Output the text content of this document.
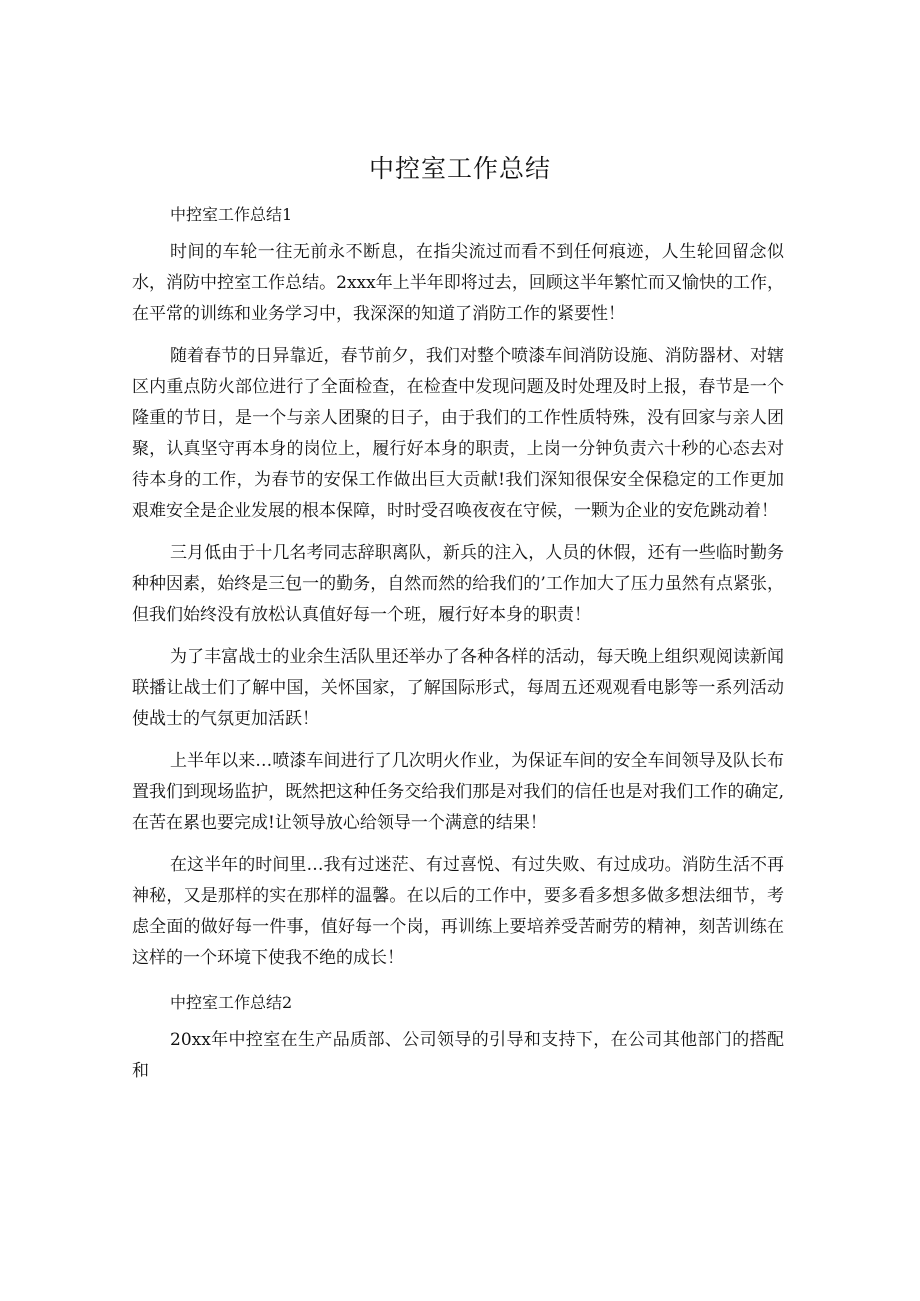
中控室工作总结

中控室工作总结1

时间的车轮一往无前永不断息，在指尖流过而看不到任何痕迹，人生轮回留念似水，消防中控室工作总结。2xxx年上半年即将过去，回顾这半年繁忙而又愉快的工作，在平常的训练和业务学习中，我深深的知道了消防工作的紧要性！

随着春节的日异靠近，春节前夕，我们对整个喷漆车间消防设施、消防器材、对辖区内重点防火部位进行了全面检查，在检查中发现问题及时处理及时上报，春节是一个隆重的节日，是一个与亲人团聚的日子，由于我们的工作性质特殊，没有回家与亲人团聚，认真坚守再本身的岗位上，履行好本身的职责，上岗一分钟负责六十秒的心态去对待本身的工作，为春节的安保工作做出巨大贡献!我们深知很保安全保稳定的工作更加艰难安全是企业发展的根本保障，时时受召唤夜夜在守候，一颗为企业的安危跳动着！

三月低由于十几名考同志辞职离队，新兵的注入，人员的休假，还有一些临时勤务种种因素，始终是三包一的勤务，自然而然的给我们的’工作加大了压力虽然有点紧张，但我们始终没有放松认真值好每一个班，履行好本身的职责！

为了丰富战士的业余生活队里还举办了各种各样的活动，每天晚上组织观阅读新闻联播让战士们了解中国，关怀国家，了解国际形式，每周五还观观看电影等一系列活动使战士的气氛更加活跃！

上半年以来…喷漆车间进行了几次明火作业，为保证车间的安全车间领导及队长布置我们到现场监护，既然把这种任务交给我们那是对我们的信任也是对我们工作的确定,在苦在累也要完成!让领导放心给领导一个满意的结果！

在这半年的时间里…我有过迷茫、有过喜悦、有过失败、有过成功。消防生活不再神秘，又是那样的实在那样的温馨。在以后的工作中，要多看多想多做多想法细节，考虑全面的做好每一件事，值好每一个岗，再训练上要培养受苦耐劳的精神，刻苦训练在这样的一个环境下使我不绝的成长！

中控室工作总结2

20xx年中控室在生产品质部、公司领导的引导和支持下，在公司其他部门的搭配和
